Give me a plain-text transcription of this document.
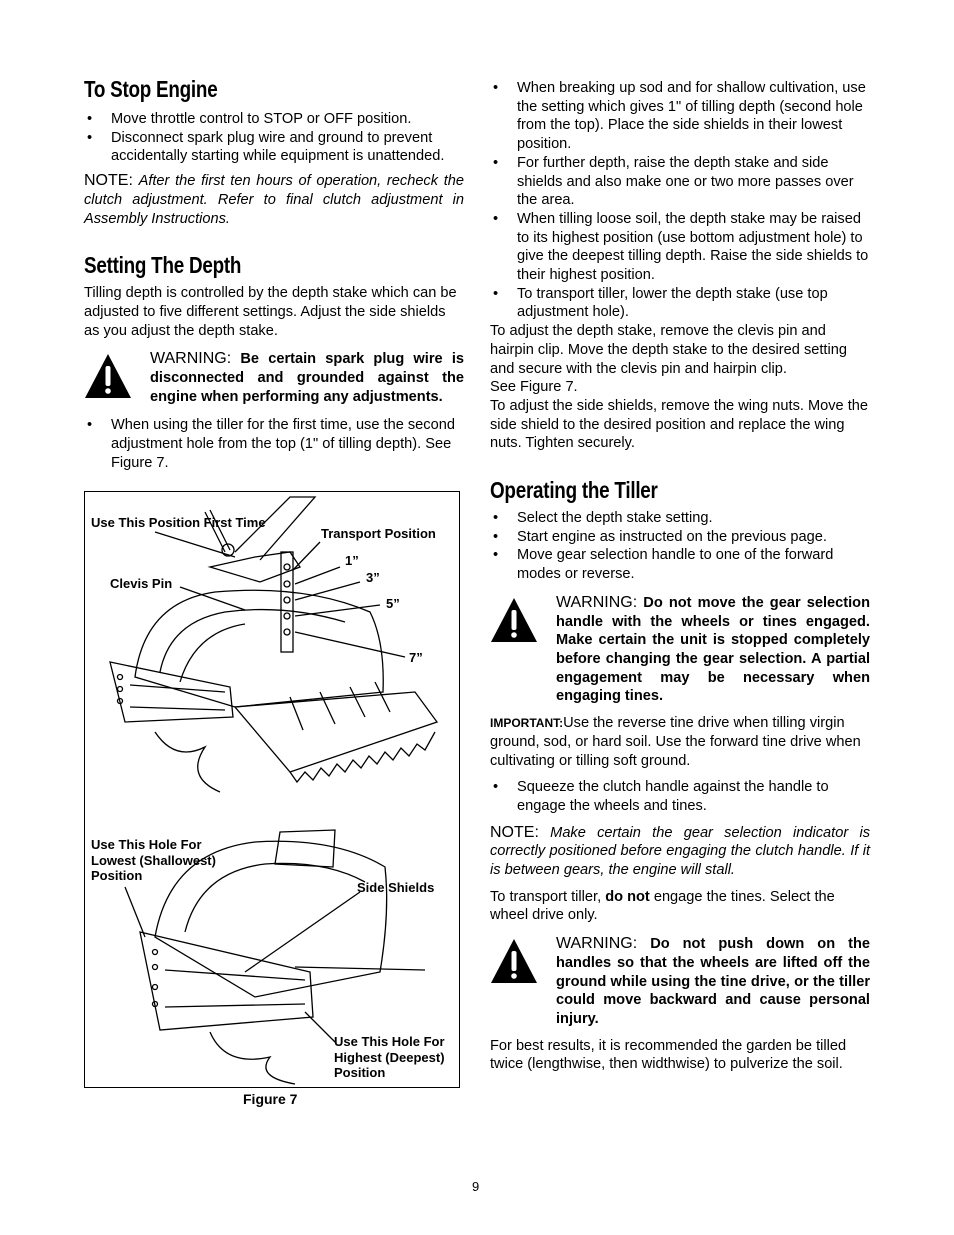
To Stop Engine
• Move throttle control to STOP or OFF position.
• Disconnect spark plug wire and ground to prevent accidentally starting while equipment is unattended.

NOTE: After the first ten hours of operation, recheck the clutch adjustment. Refer to final clutch adjustment in Assembly Instructions.

Setting The Depth

Tilling depth is controlled by the depth stake which can be adjusted to five different settings. Adjust the side shields as you adjust the depth stake.

WARNING: Be certain spark plug wire is disconnected and grounded against the engine when performing any adjustments.
• When using the tiller for the first time, use the second adjustment hole from the top (1" of tilling depth). See Figure 7.
Use This Position First Time
Transport Position
1”
3”
Clevis Pin
5”
7”
Use This Hole For Lowest (Shallowest) Position
Side Shields
Use This Hole For Highest (Deepest) Position
Figure 7
• When breaking up sod and for shallow cultivation, use the setting which gives 1" of tilling depth (second hole from the top). Place the side shields in their lowest position.
• For further depth, raise the depth stake and side shields and also make one or two more passes over the area.
• When tilling loose soil, the depth stake may be raised to its highest position (use bottom adjustment hole) to give the deepest tilling depth. Raise the side shields to their highest position.
• To transport tiller, lower the depth stake (use top adjustment hole).

To adjust the depth stake, remove the clevis pin and hairpin clip. Move the depth stake to the desired setting and secure with the clevis pin and hairpin clip.

See Figure 7.

To adjust the side shields, remove the wing nuts. Move the side shield to the desired position and replace the wing nuts. Tighten securely.

Operating the Tiller
• Select the depth stake setting.
• Start engine as instructed on the previous page.
• Move gear selection handle to one of the forward modes or reverse.
WARNING: Do not move the gear selection handle with the wheels or tines engaged. Make certain the unit is stopped completely before changing the gear selection. A partial engagement may be necessary when engaging tines.

IMPORTANT:Use the reverse tine drive when tilling virgin ground, sod, or hard soil. Use the forward tine drive when cultivating or tilling soft ground.

• Squeeze the clutch handle against the handle to engage the wheels and tines.

NOTE: Make certain the gear selection indicator is correctly positioned before engaging the clutch handle. If it is between gears, the engine will stall.

To transport tiller, do not engage the tines. Select the wheel drive only.

WARNING: Do not push down on the handles so that the wheels are lifted off the ground while using the tine drive, or the tiller could move backward and cause personal injury.

For best results, it is recommended the garden be tilled twice (lengthwise, then widthwise) to pulverize the soil.

9
